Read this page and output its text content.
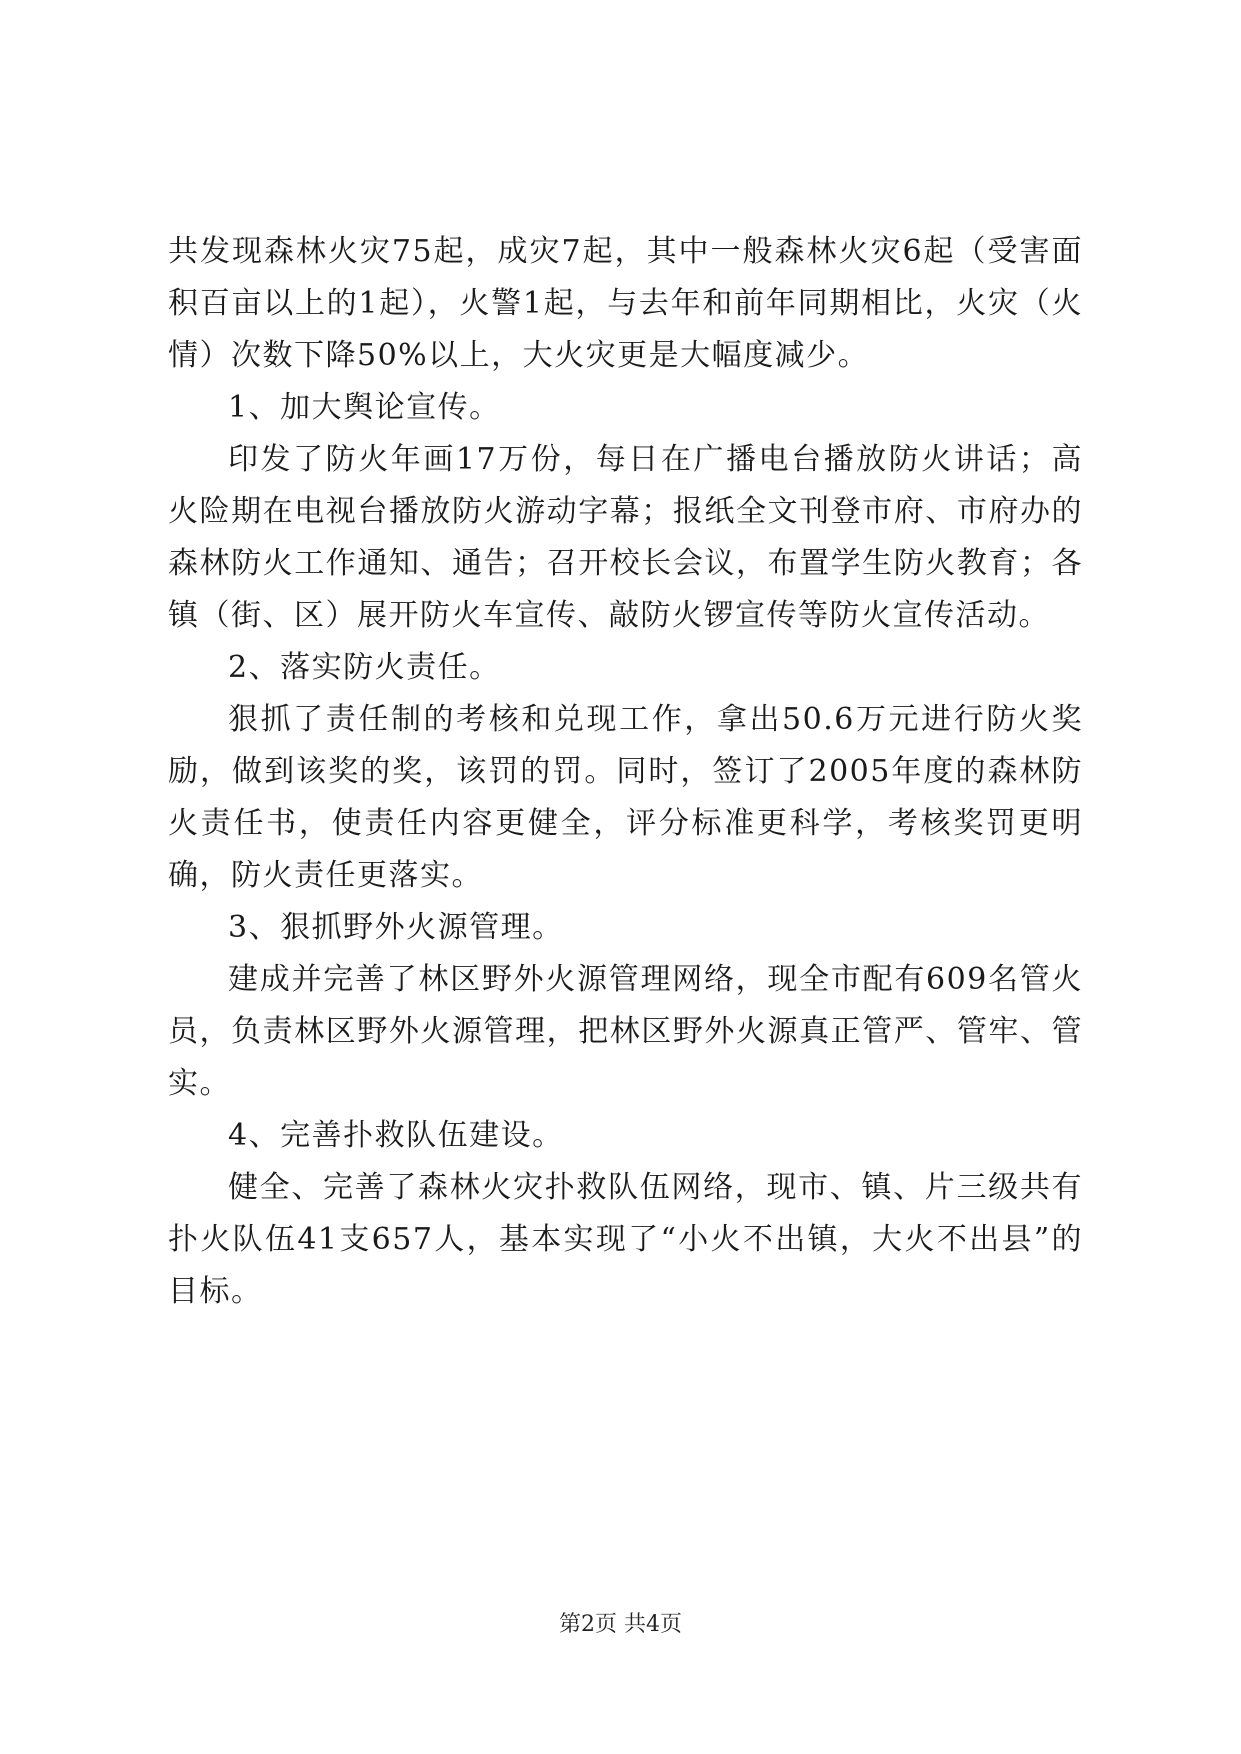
共发现森林火灾75起，成灾7起，其中一般森林火灾6起（受害面积百亩以上的1起），火警1起，与去年和前年同期相比，火灾（火情）次数下降50%以上，大火灾更是大幅度减少。

1、加大舆论宣传。

印发了防火年画17万份，每日在广播电台播放防火讲话；高火险期在电视台播放防火游动字幕；报纸全文刊登市府、市府办的森林防火工作通知、通告；召开校长会议，布置学生防火教育；各镇（街、区）展开防火车宣传、敲防火锣宣传等防火宣传活动。

2、落实防火责任。

狠抓了责任制的考核和兑现工作，拿出50.6万元进行防火奖励，做到该奖的奖，该罚的罚。同时，签订了2005年度的森林防火责任书，使责任内容更健全，评分标准更科学，考核奖罚更明确，防火责任更落实。

3、狠抓野外火源管理。

建成并完善了林区野外火源管理网络，现全市配有609名管火员，负责林区野外火源管理，把林区野外火源真正管严、管牢、管实。

4、完善扑救队伍建设。

健全、完善了森林火灾扑救队伍网络，现市、镇、片三级共有扑火队伍41支657人，基本实现了“小火不出镇，大火不出县”的目标。

第2页 共4页
